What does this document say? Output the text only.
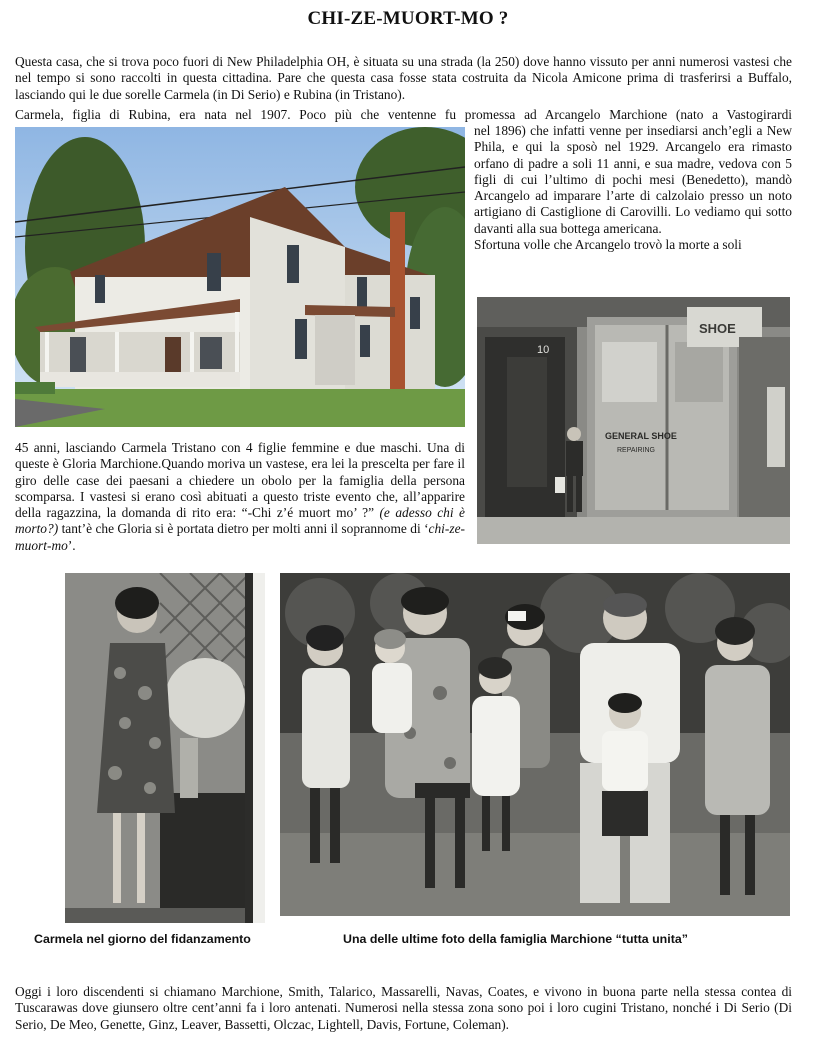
CHI-ZE-MUORT-MO ?
Questa casa, che si trova poco fuori di New Philadelphia OH, è situata su una strada (la 250) dove hanno vissuto per anni numerosi vastesi che nel tempo si sono raccolti in questa cittadina. Pare che questa casa fosse stata costruita da Nicola Amicone prima di trasferirsi a Buffalo, lasciando qui le due sorelle Carmela (in Di Serio) e Rubina (in Tristano).
Carmela, figlia di Rubina, era nata nel 1907. Poco più che ventenne fu promessa ad Arcangelo Marchione (nato a Vastogirardi
nel 1896) che infatti venne per insediarsi anch’egli a New Phila, e qui la sposò nel 1929. Arcangelo era rimasto orfano di padre a soli 11 anni, e sua madre, vedova con 5 figli di cui l’ultimo di pochi mesi (Benedetto), mandò Arcangelo ad imparare l’arte di calzolaio presso un noto artigiano di Castiglione di Carovilli. Lo vediamo qui sotto davanti alla sua bottega americana.
Sfortuna volle che Arcangelo trovò la morte a soli
10
GENERAL SHOE
REPAIRING
SHOE
45 anni, lasciando Carmela Tristano con 4 figlie femmine e due maschi. Una di queste è Gloria Marchione.Quando moriva un vastese, era lei la prescelta per fare il giro delle case dei paesani a chiedere un obolo per la famiglia della persona scomparsa. I vastesi si erano così abituati a questo triste evento che, all’apparire della ragazzina, la domanda di rito era: “-Chi z’é muort mo’ ?” (e adesso chi è morto?) tant’è che Gloria si è portata dietro per molti anni il soprannome di ‘chi-ze-muort-mo’.
Carmela nel giorno del fidanzamento	Una delle ultime foto della famiglia Marchione “tutta unita”
Oggi i loro discendenti si chiamano Marchione, Smith, Talarico, Massarelli, Navas, Coates, e vivono in buona parte nella stessa contea di Tuscarawas dove giunsero oltre cent’anni fa i loro antenati. Numerosi nella stessa zona sono poi i loro cugini Tristano, nonché i Di Serio (Di Serio, De Meo, Genette, Ginz, Leaver, Bassetti, Olczac, Lightell, Davis, Fortune, Coleman).
